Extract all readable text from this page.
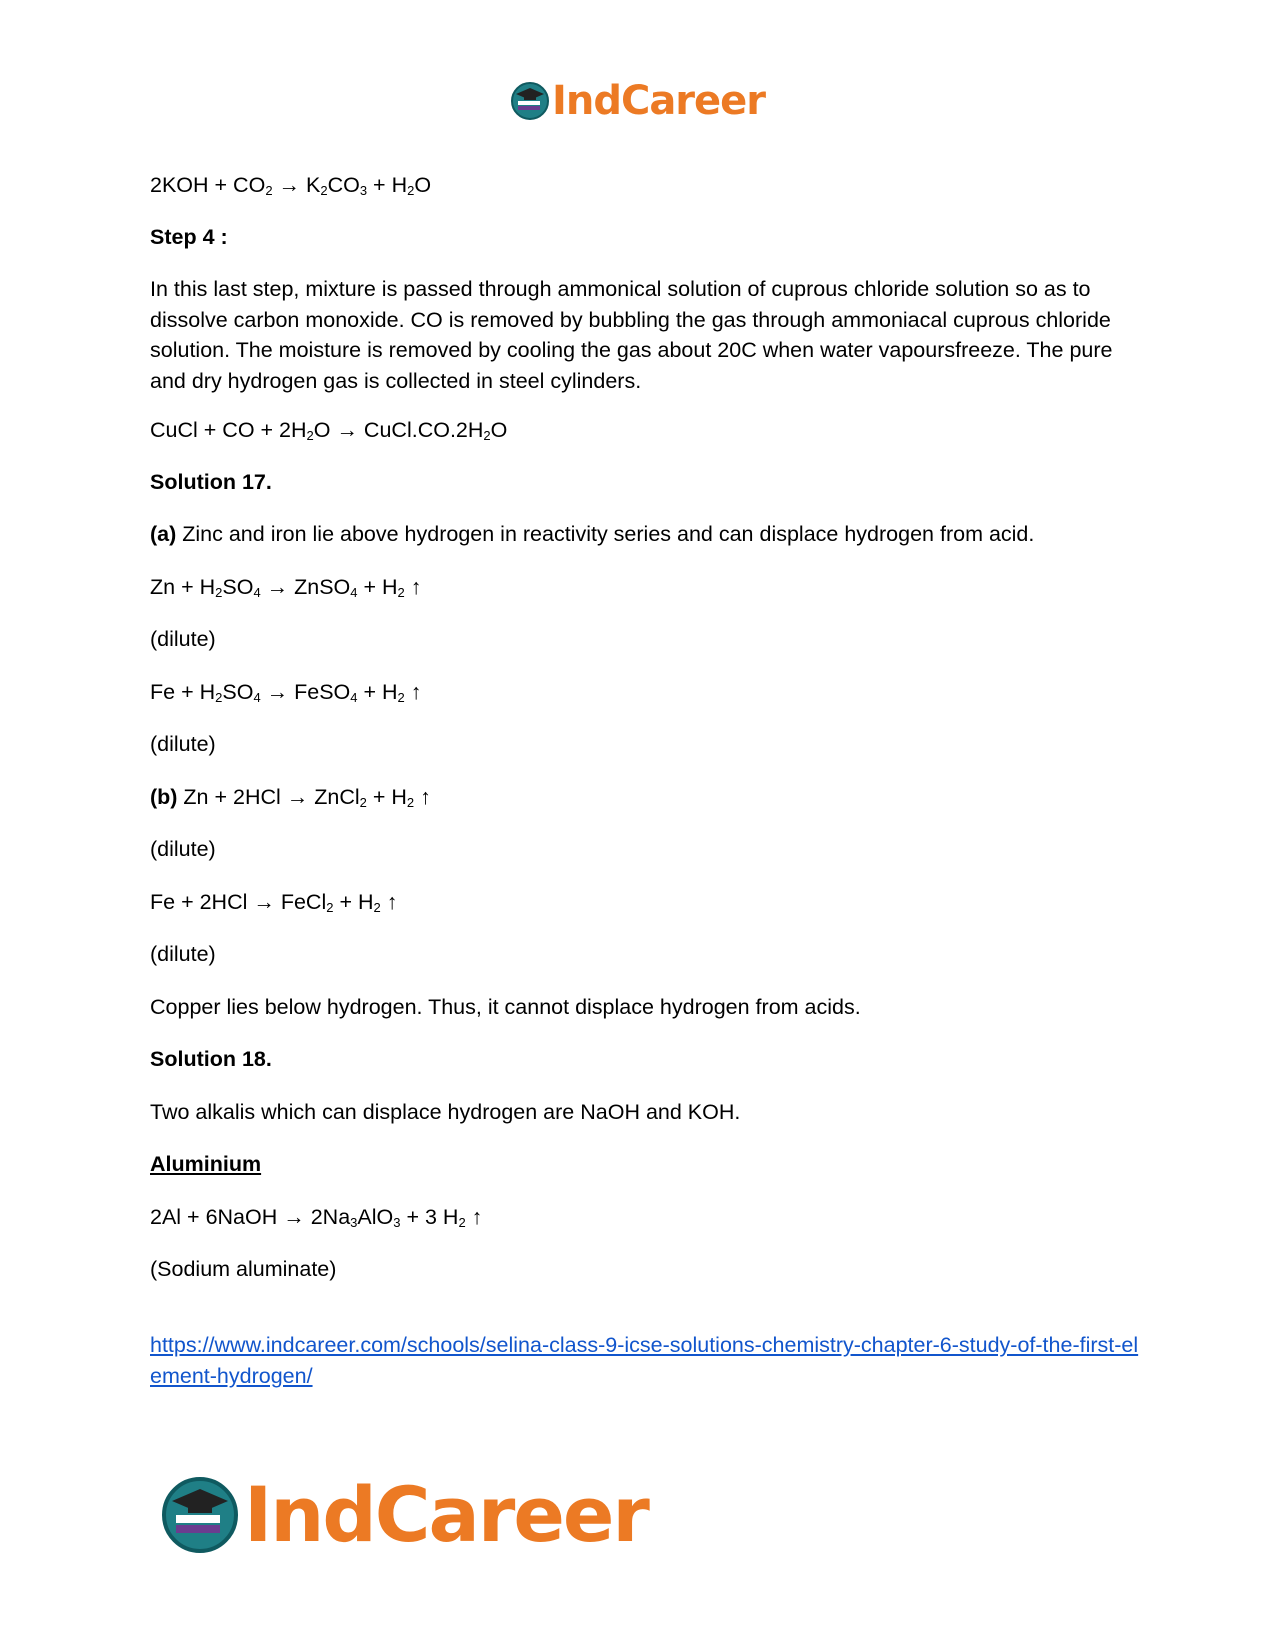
IndCareer
$2KOH + CO_2 \to K_2CO_3 + H_2O$
Step 4 :
In this last step, mixture is passed through ammonical solution of cuprous chloride solution so as to dissolve carbon monoxide. CO is removed by bubbling the gas through ammoniacal cuprous chloride solution. The moisture is removed by cooling the gas about 20C when water vapoursfreeze. The pure and dry hydrogen gas is collected in steel cylinders.
CuCl + CO + $2H_2O$ → $CuCl.CO.2H_2O$
Solution 17.
(a) Zinc and iron lie above hydrogen in reactivity series and can displace hydrogen from acid.
$Zn + H_2SO_4$ → ZnSO$_4$ + $H_2$ ↑
(dilute)
$Fe + H_2SO_4$ → FeSO$_4$ + $H_2$ ↑
(dilute)
(b) Zn + 2HCl → ZnCl$_2$ + $H_2$ ↑
(dilute)
Fe + 2HCl → FeCl$_2$ + $H_2$ ↑
(dilute)
Copper lies below hydrogen. Thus, it cannot displace hydrogen from acids.
Solution 18.
Two alkalis which can displace hydrogen are NaOH and KOH.
Aluminium
2Al + 6NaOH → $2Na_3AlO_3 + 3$ $H_2$ ↑
(Sodium aluminate)
https://www.indcareer.com/schools/selina-class-9-icse-solutions-chemistry-chapter-6-study-of-the-first-element-hydrogen/
IndCareer
